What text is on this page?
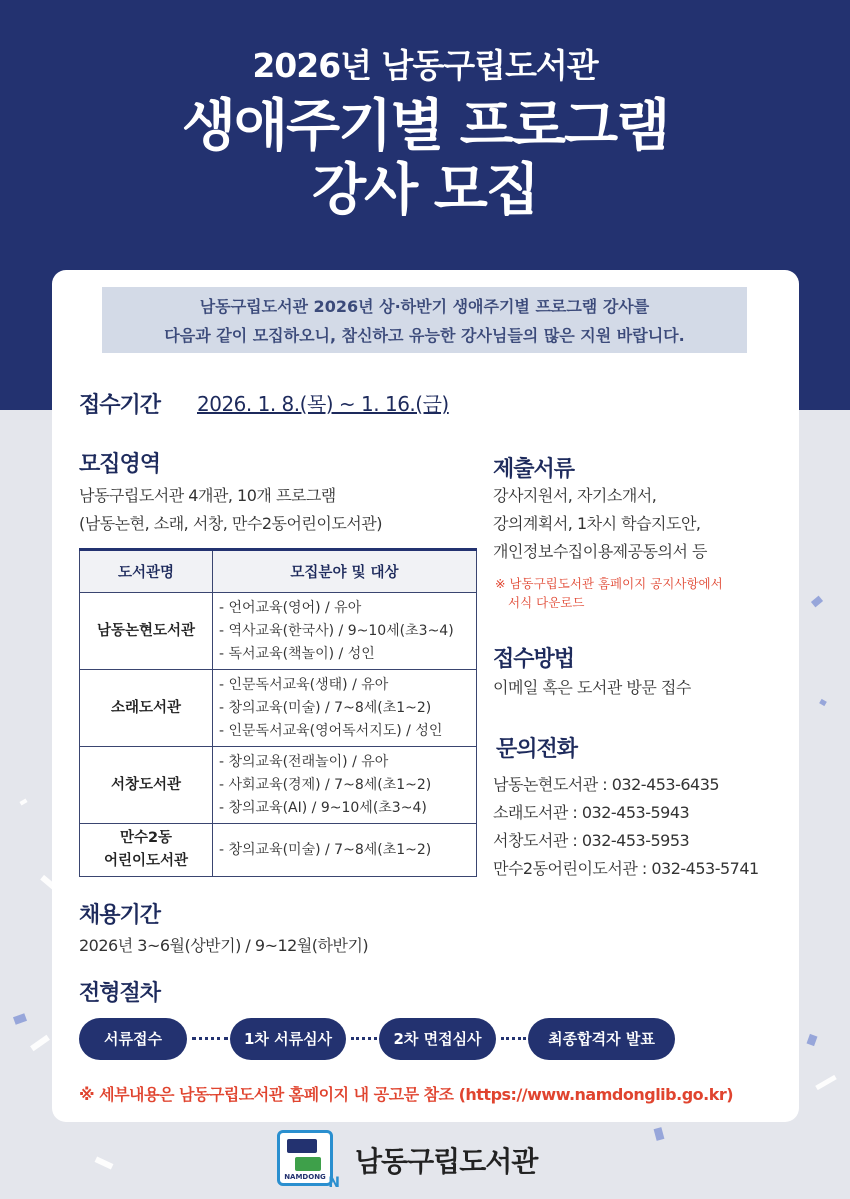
2026년 남동구립도서관
생애주기별 프로그램
강사 모집
남동구립도서관 2026년 상·하반기 생애주기별 프로그램 강사를
다음과 같이 모집하오니, 참신하고 유능한 강사님들의 많은 지원 바랍니다.
접수기간 2026. 1. 8.(목) ~ 1. 16.(금)
모집영역
남동구립도서관 4개관, 10개 프로그램
(남동논현, 소래, 서창, 만수2동어린이도서관)
도서관명	모집분야 및 대상
남동논현도서관	- 언어교육(영어) / 유아
- 역사교육(한국사) / 9~10세(초3~4)
- 독서교육(책놀이) / 성인

소래도서관	- 인문독서교육(생태) / 유아
- 창의교육(미술) / 7~8세(초1~2)
- 인문독서교육(영어독서지도) / 성인

서창도서관	- 창의교육(전래놀이) / 유아
- 사회교육(경제) / 7~8세(초1~2)
- 창의교육(AI) / 9~10세(초3~4)

만수2동
어린이도서관	- 창의교육(미술) / 7~8세(초1~2)
제출서류
강사지원서, 자기소개서,
강의계획서, 1차시 학습지도안,
개인정보수집이용제공동의서 등
※ 남동구립도서관 홈페이지 공지사항에서
서식 다운로드
접수방법
이메일 혹은 도서관 방문 접수
문의전화
남동논현도서관 : 032-453-6435
소래도서관 : 032-453-5943
서창도서관 : 032-453-5953
만수2동어린이도서관 : 032-453-5741
채용기간
2026년 3~6월(상반기) / 9~12월(하반기)
전형절차
서류접수	1차 서류심사	2차 면접심사	최종합격자 발표
※ 세부내용은 남동구립도서관 홈페이지 내 공고문 참조 (https://www.namdonglib.go.kr)
NAMDONG N
남동구립도서관
